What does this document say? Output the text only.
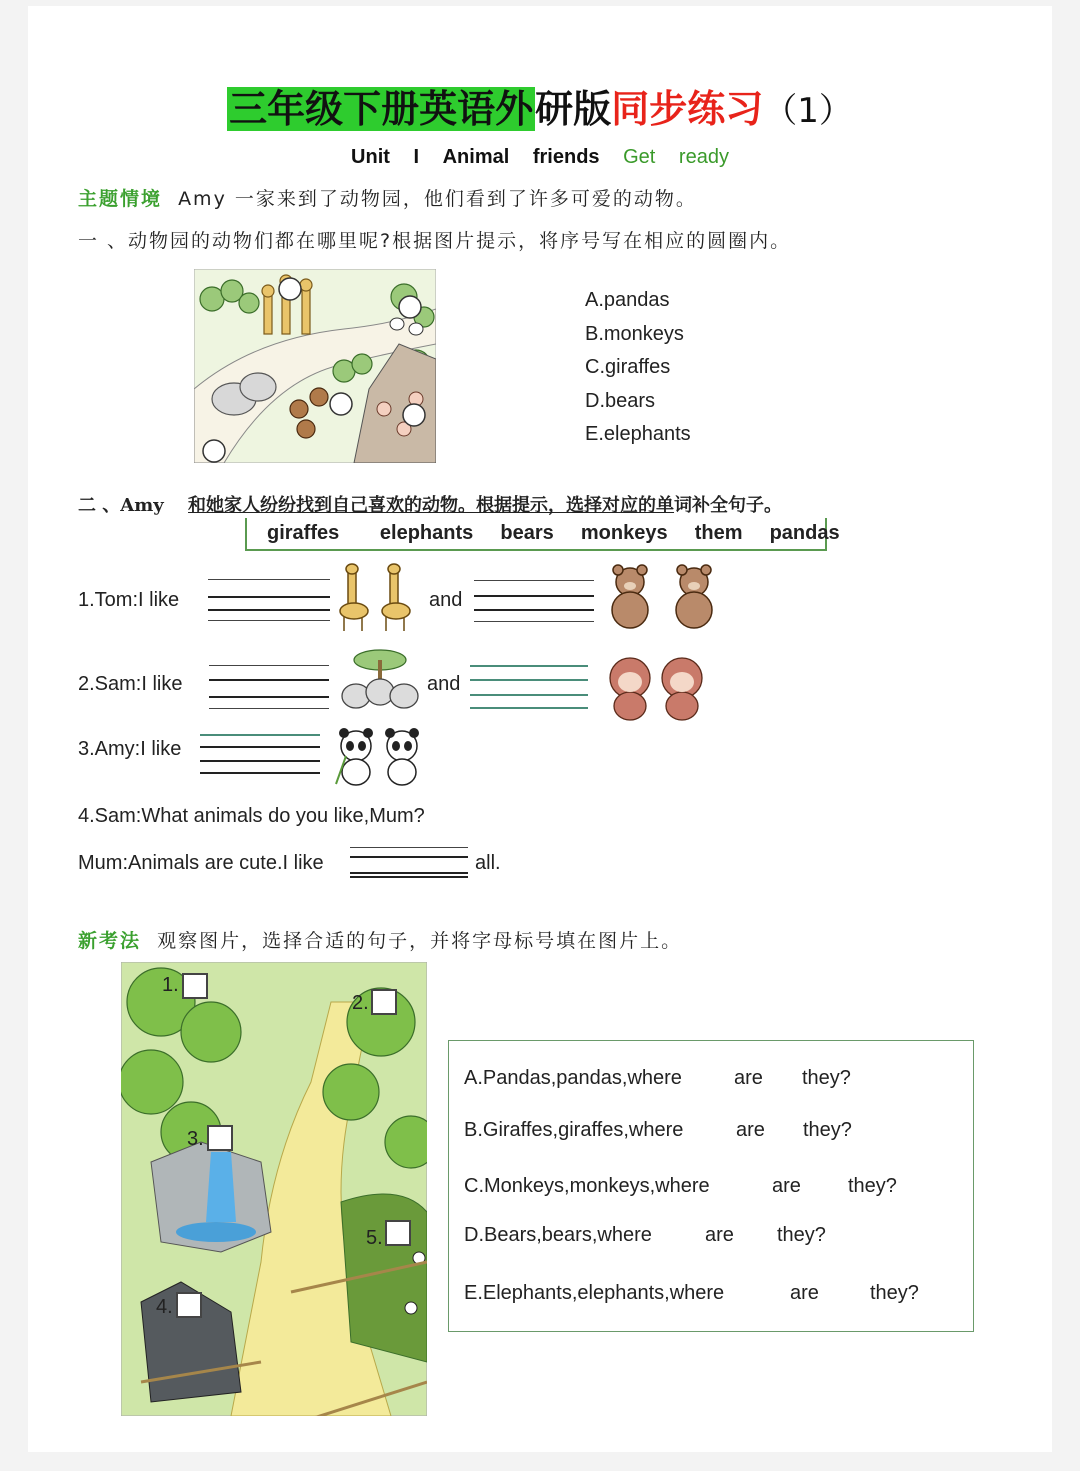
三年级下册英语外研版同步练习（1）
Unit I Animal friends Get ready
主题情境 Amy 一家来到了动物园，他们看到了许多可爱的动物。
一 、动物园的动物们都在哪里呢?根据图片提示，将序号写在相应的圆圈内。
A.pandas
B.monkeys
C.giraffes
D.bears
E.elephants
二 、Amy 和她家人纷纷找到自己喜欢的动物。根据提示，选择对应的单词补全句子。
giraffes   elephants  bears  monkeys  them  pandas
1.Tom:I like	and
2.Sam:I like	and
3.Amy:I like
4.Sam:What animals do you like,Mum?
Mum:Animals are cute.I like	all.
新考法 观察图片，选择合适的句子，并将字母标号填在图片上。
1.
2.
3.
5.
4.
A.Pandas,pandas,where	are they?
B.Giraffes,giraffes,where	are they?
C.Monkeys,monkeys,where	are they?
D.Bears,bears,where	are they?
E.Elephants,elephants,where	are	they?
